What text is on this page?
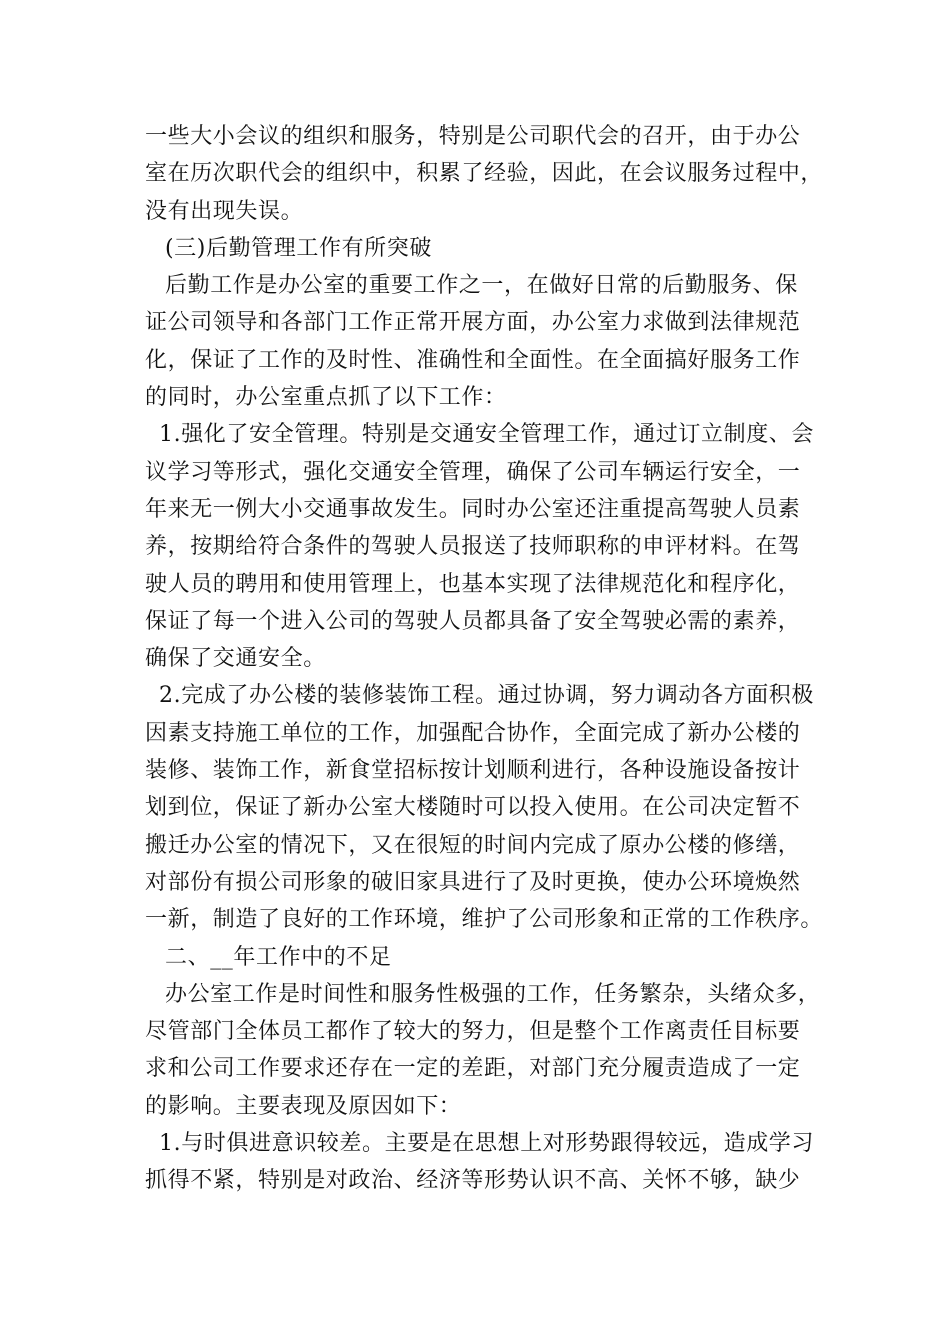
一些大小会议的组织和服务，特别是公司职代会的召开，由于办公
室在历次职代会的组织中，积累了经验，因此，在会议服务过程中，
没有出现失误。
(三)后勤管理工作有所突破
后勤工作是办公室的重要工作之一，在做好日常的后勤服务、保
证公司领导和各部门工作正常开展方面，办公室力求做到法律规范
化，保证了工作的及时性、准确性和全面性。在全面搞好服务工作
的同时，办公室重点抓了以下工作：
1.强化了安全管理。特别是交通安全管理工作，通过订立制度、会
议学习等形式，强化交通安全管理，确保了公司车辆运行安全，一
年来无一例大小交通事故发生。同时办公室还注重提高驾驶人员素
养，按期给符合条件的驾驶人员报送了技师职称的申评材料。在驾
驶人员的聘用和使用管理上，也基本实现了法律规范化和程序化，
保证了每一个进入公司的驾驶人员都具备了安全驾驶必需的素养，
确保了交通安全。
2.完成了办公楼的装修装饰工程。通过协调，努力调动各方面积极
因素支持施工单位的工作，加强配合协作，全面完成了新办公楼的
装修、装饰工作，新食堂招标按计划顺利进行，各种设施设备按计
划到位，保证了新办公室大楼随时可以投入使用。在公司决定暂不
搬迁办公室的情况下，又在很短的时间内完成了原办公楼的修缮，
对部份有损公司形象的破旧家具进行了及时更换，使办公环境焕然
一新，制造了良好的工作环境，维护了公司形象和正常的工作秩序。
二、__年工作中的不足
办公室工作是时间性和服务性极强的工作，任务繁杂，头绪众多，
尽管部门全体员工都作了较大的努力，但是整个工作离责任目标要
求和公司工作要求还存在一定的差距，对部门充分履责造成了一定
的影响。主要表现及原因如下：
1.与时俱进意识较差。主要是在思想上对形势跟得较远，造成学习
抓得不紧，特别是对政治、经济等形势认识不高、关怀不够，缺少
